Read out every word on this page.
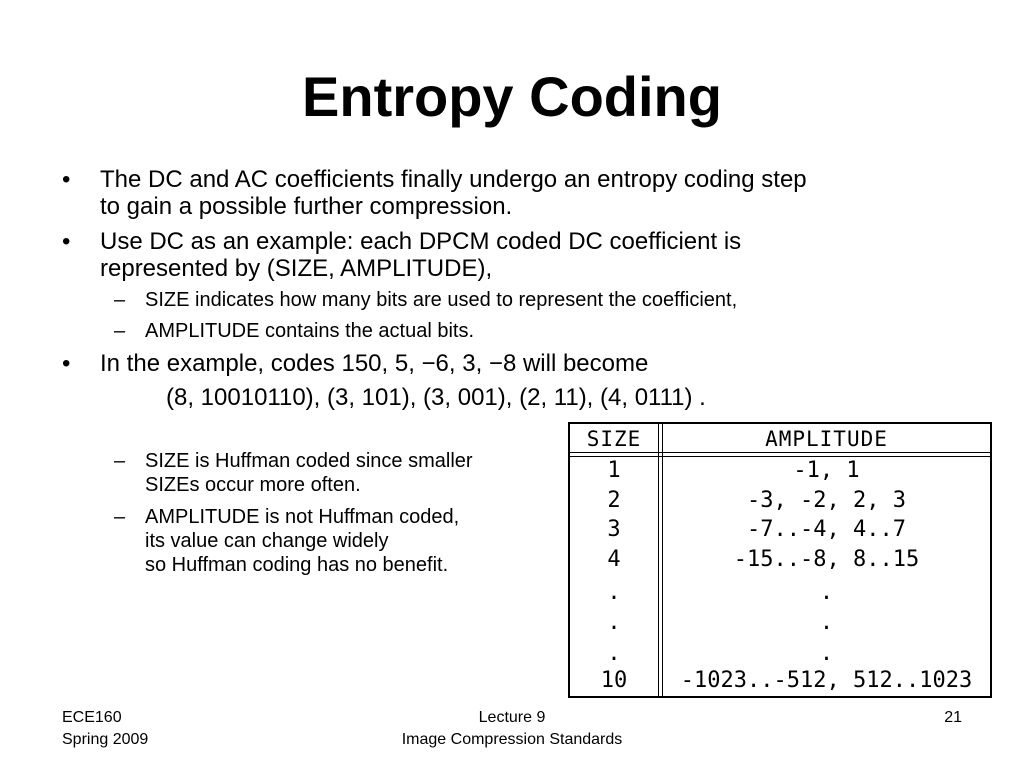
Entropy Coding
• The DC and AC coefficients finally undergo an entropy coding step
to gain a possible further compression.
• Use DC as an example: each DPCM coded DC coefficient is
represented by (SIZE, AMPLITUDE),
– SIZE indicates how many bits are used to represent the coefficient,
– AMPLITUDE contains the actual bits.
• In the example, codes 150, 5, −6, 3, −8 will become
(8, 10010110), (3, 101), (3, 001), (2, 11), (4, 0111) .
– SIZE is Huffman coded since smaller
SIZEs occur more often.
– AMPLITUDE is not Huffman coded,
its value can change widely
so Huffman coding has no benefit.
SIZE	AMPLITUDE
1	-1, 1
2	-3, -2, 2, 3
3	-7..-4, 4..7
4	-15..-8, 8..15
.	.
.	.
.	.
10	-1023..-512, 512..1023
ECE160
Spring 2009
Lecture 9
Image Compression Standards
21
